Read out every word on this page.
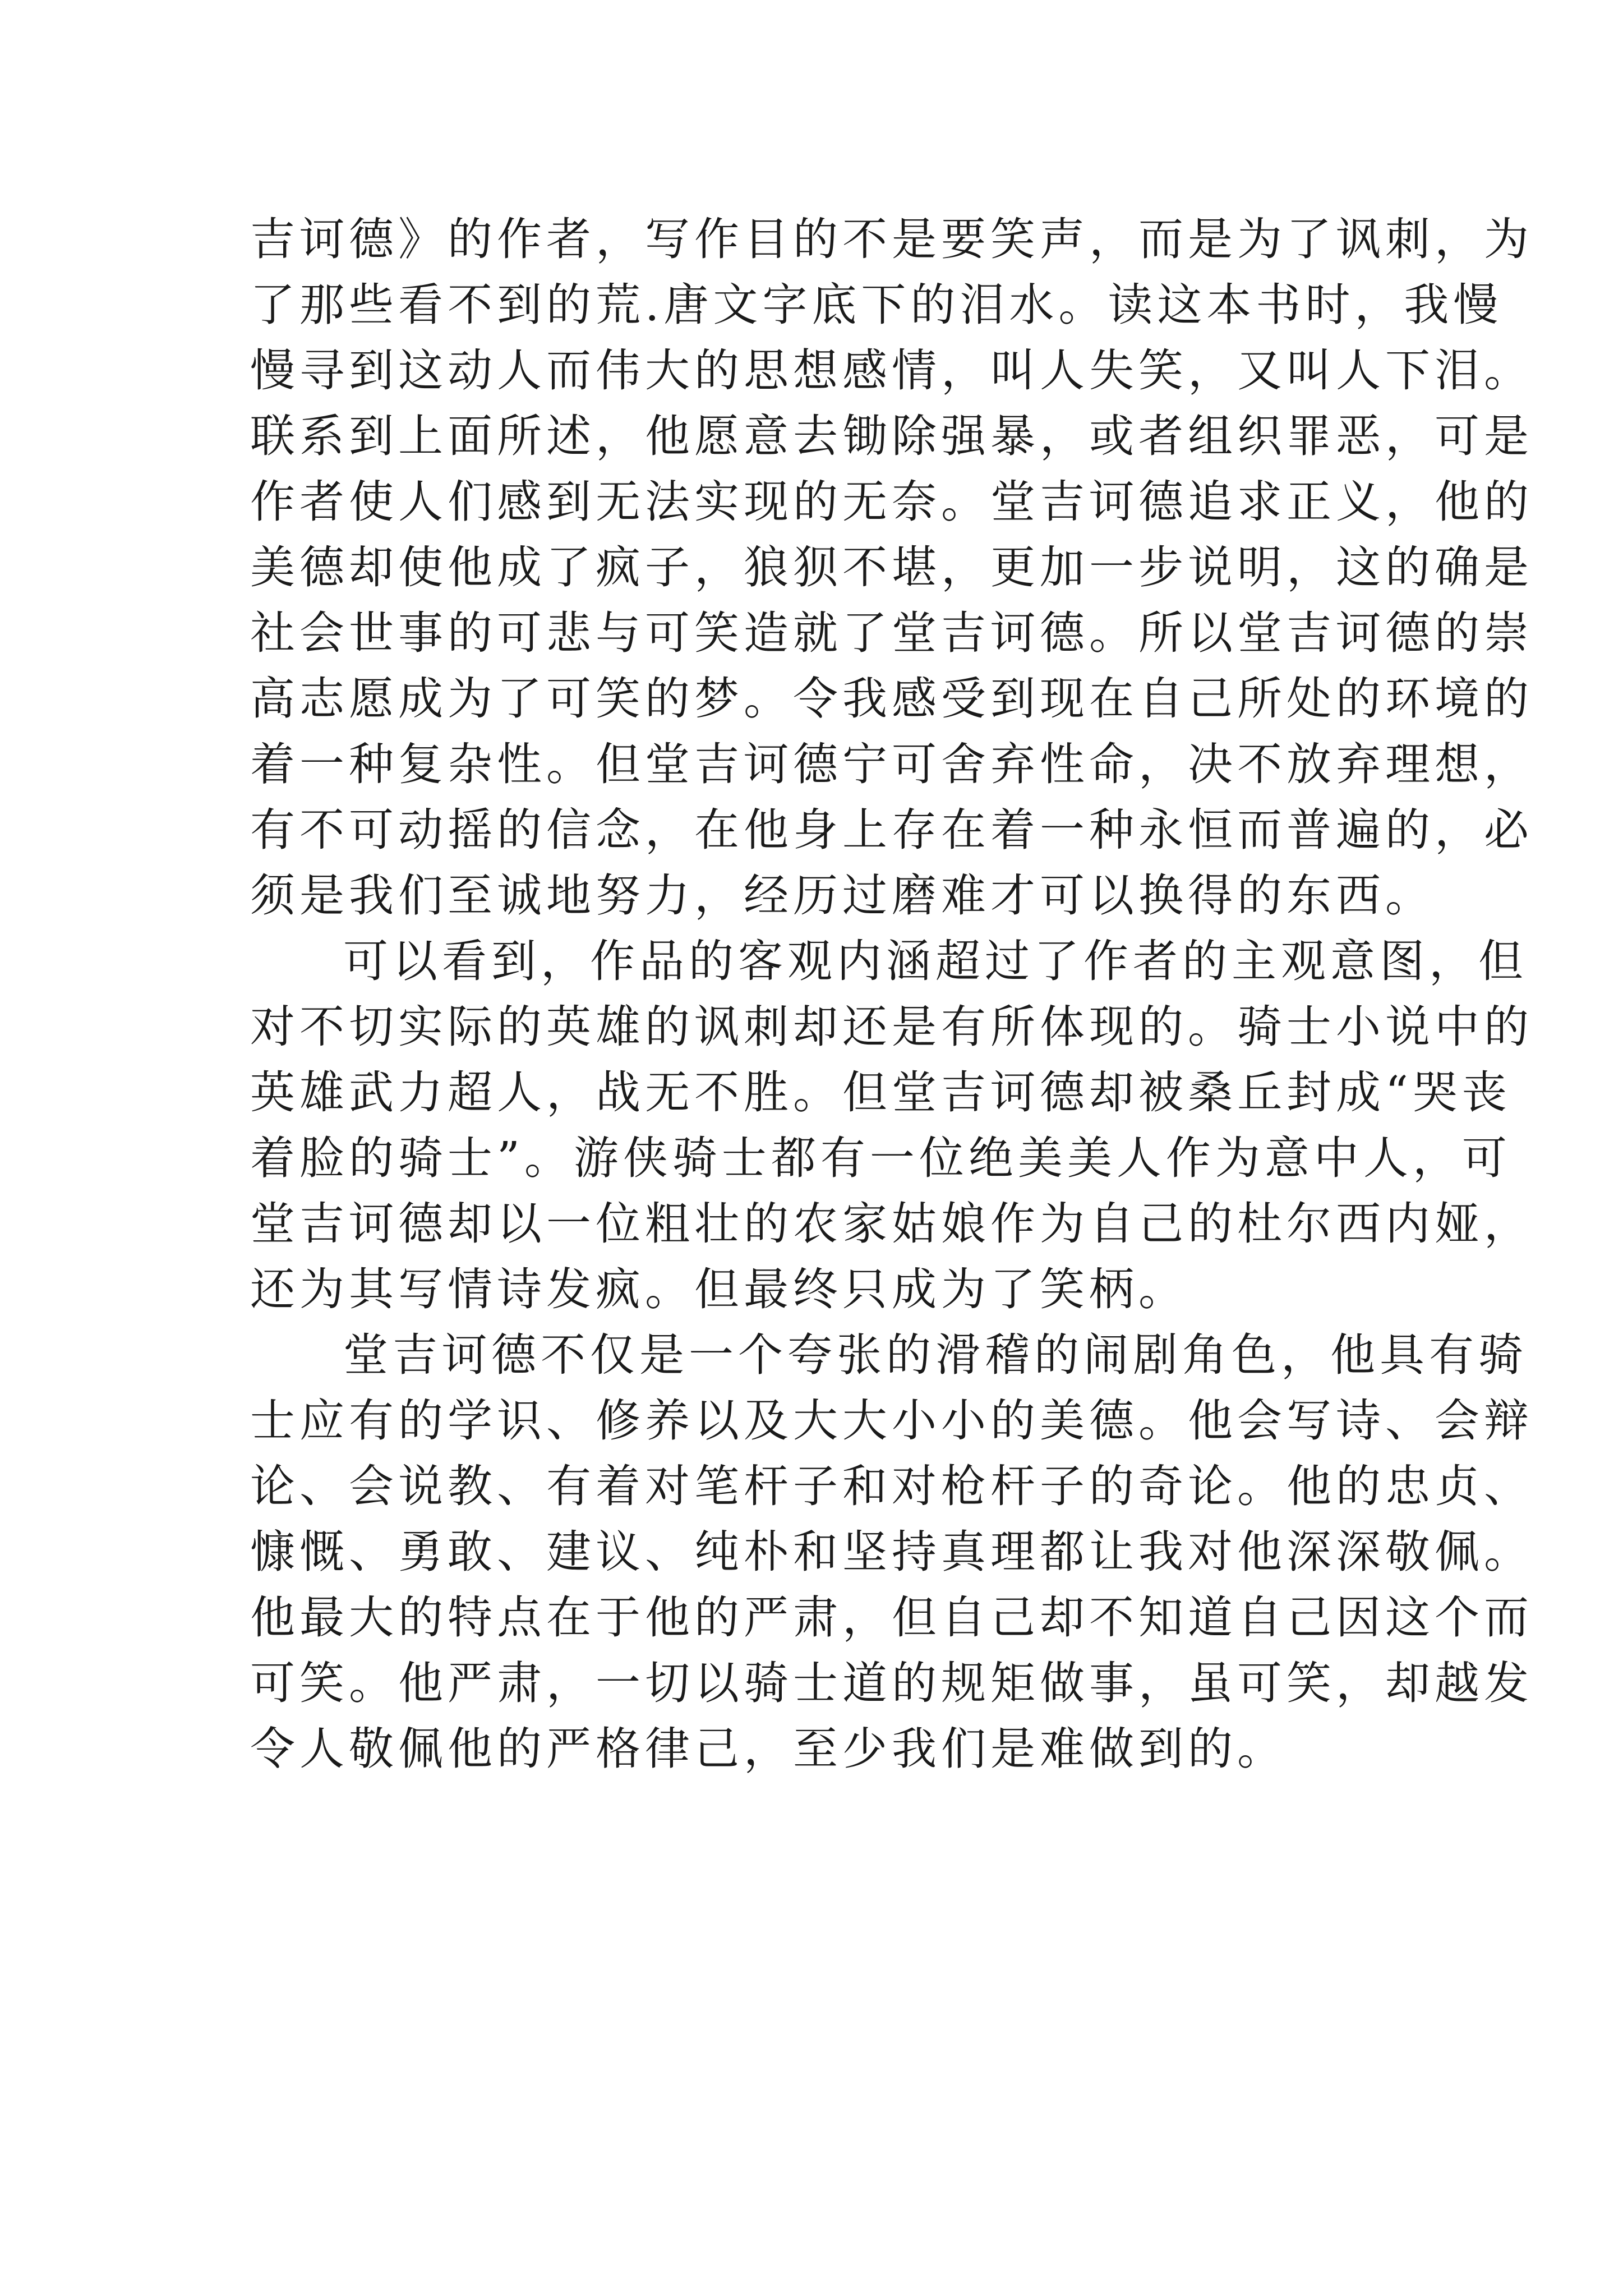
吉诃德》的作者，写作目的不是要笑声，而是为了讽刺，为
了那些看不到的荒.唐文字底下的泪水。读这本书时，我慢
慢寻到这动人而伟大的思想感情，叫人失笑，又叫人下泪。
联系到上面所述，他愿意去锄除强暴，或者组织罪恶，可是
作者使人们感到无法实现的无奈。堂吉诃德追求正义，他的
美德却使他成了疯子，狼狈不堪，更加一步说明，这的确是
社会世事的可悲与可笑造就了堂吉诃德。所以堂吉诃德的崇
高志愿成为了可笑的梦。令我感受到现在自己所处的环境的
着一种复杂性。但堂吉诃德宁可舍弃性命，决不放弃理想，
有不可动摇的信念，在他身上存在着一种永恒而普遍的，必
须是我们至诚地努力，经历过磨难才可以换得的东西。
可以看到，作品的客观内涵超过了作者的主观意图，但
对不切实际的英雄的讽刺却还是有所体现的。骑士小说中的
英雄武力超人，战无不胜。但堂吉诃德却被桑丘封成“哭丧
着脸的骑士”。游侠骑士都有一位绝美美人作为意中人，可
堂吉诃德却以一位粗壮的农家姑娘作为自己的杜尔西内娅，
还为其写情诗发疯。但最终只成为了笑柄。
堂吉诃德不仅是一个夸张的滑稽的闹剧角色，他具有骑
士应有的学识、修养以及大大小小的美德。他会写诗、会辩
论、会说教、有着对笔杆子和对枪杆子的奇论。他的忠贞、
慷慨、勇敢、建议、纯朴和坚持真理都让我对他深深敬佩。
他最大的特点在于他的严肃，但自己却不知道自己因这个而
可笑。他严肃，一切以骑士道的规矩做事，虽可笑，却越发
令人敬佩他的严格律己，至少我们是难做到的。
